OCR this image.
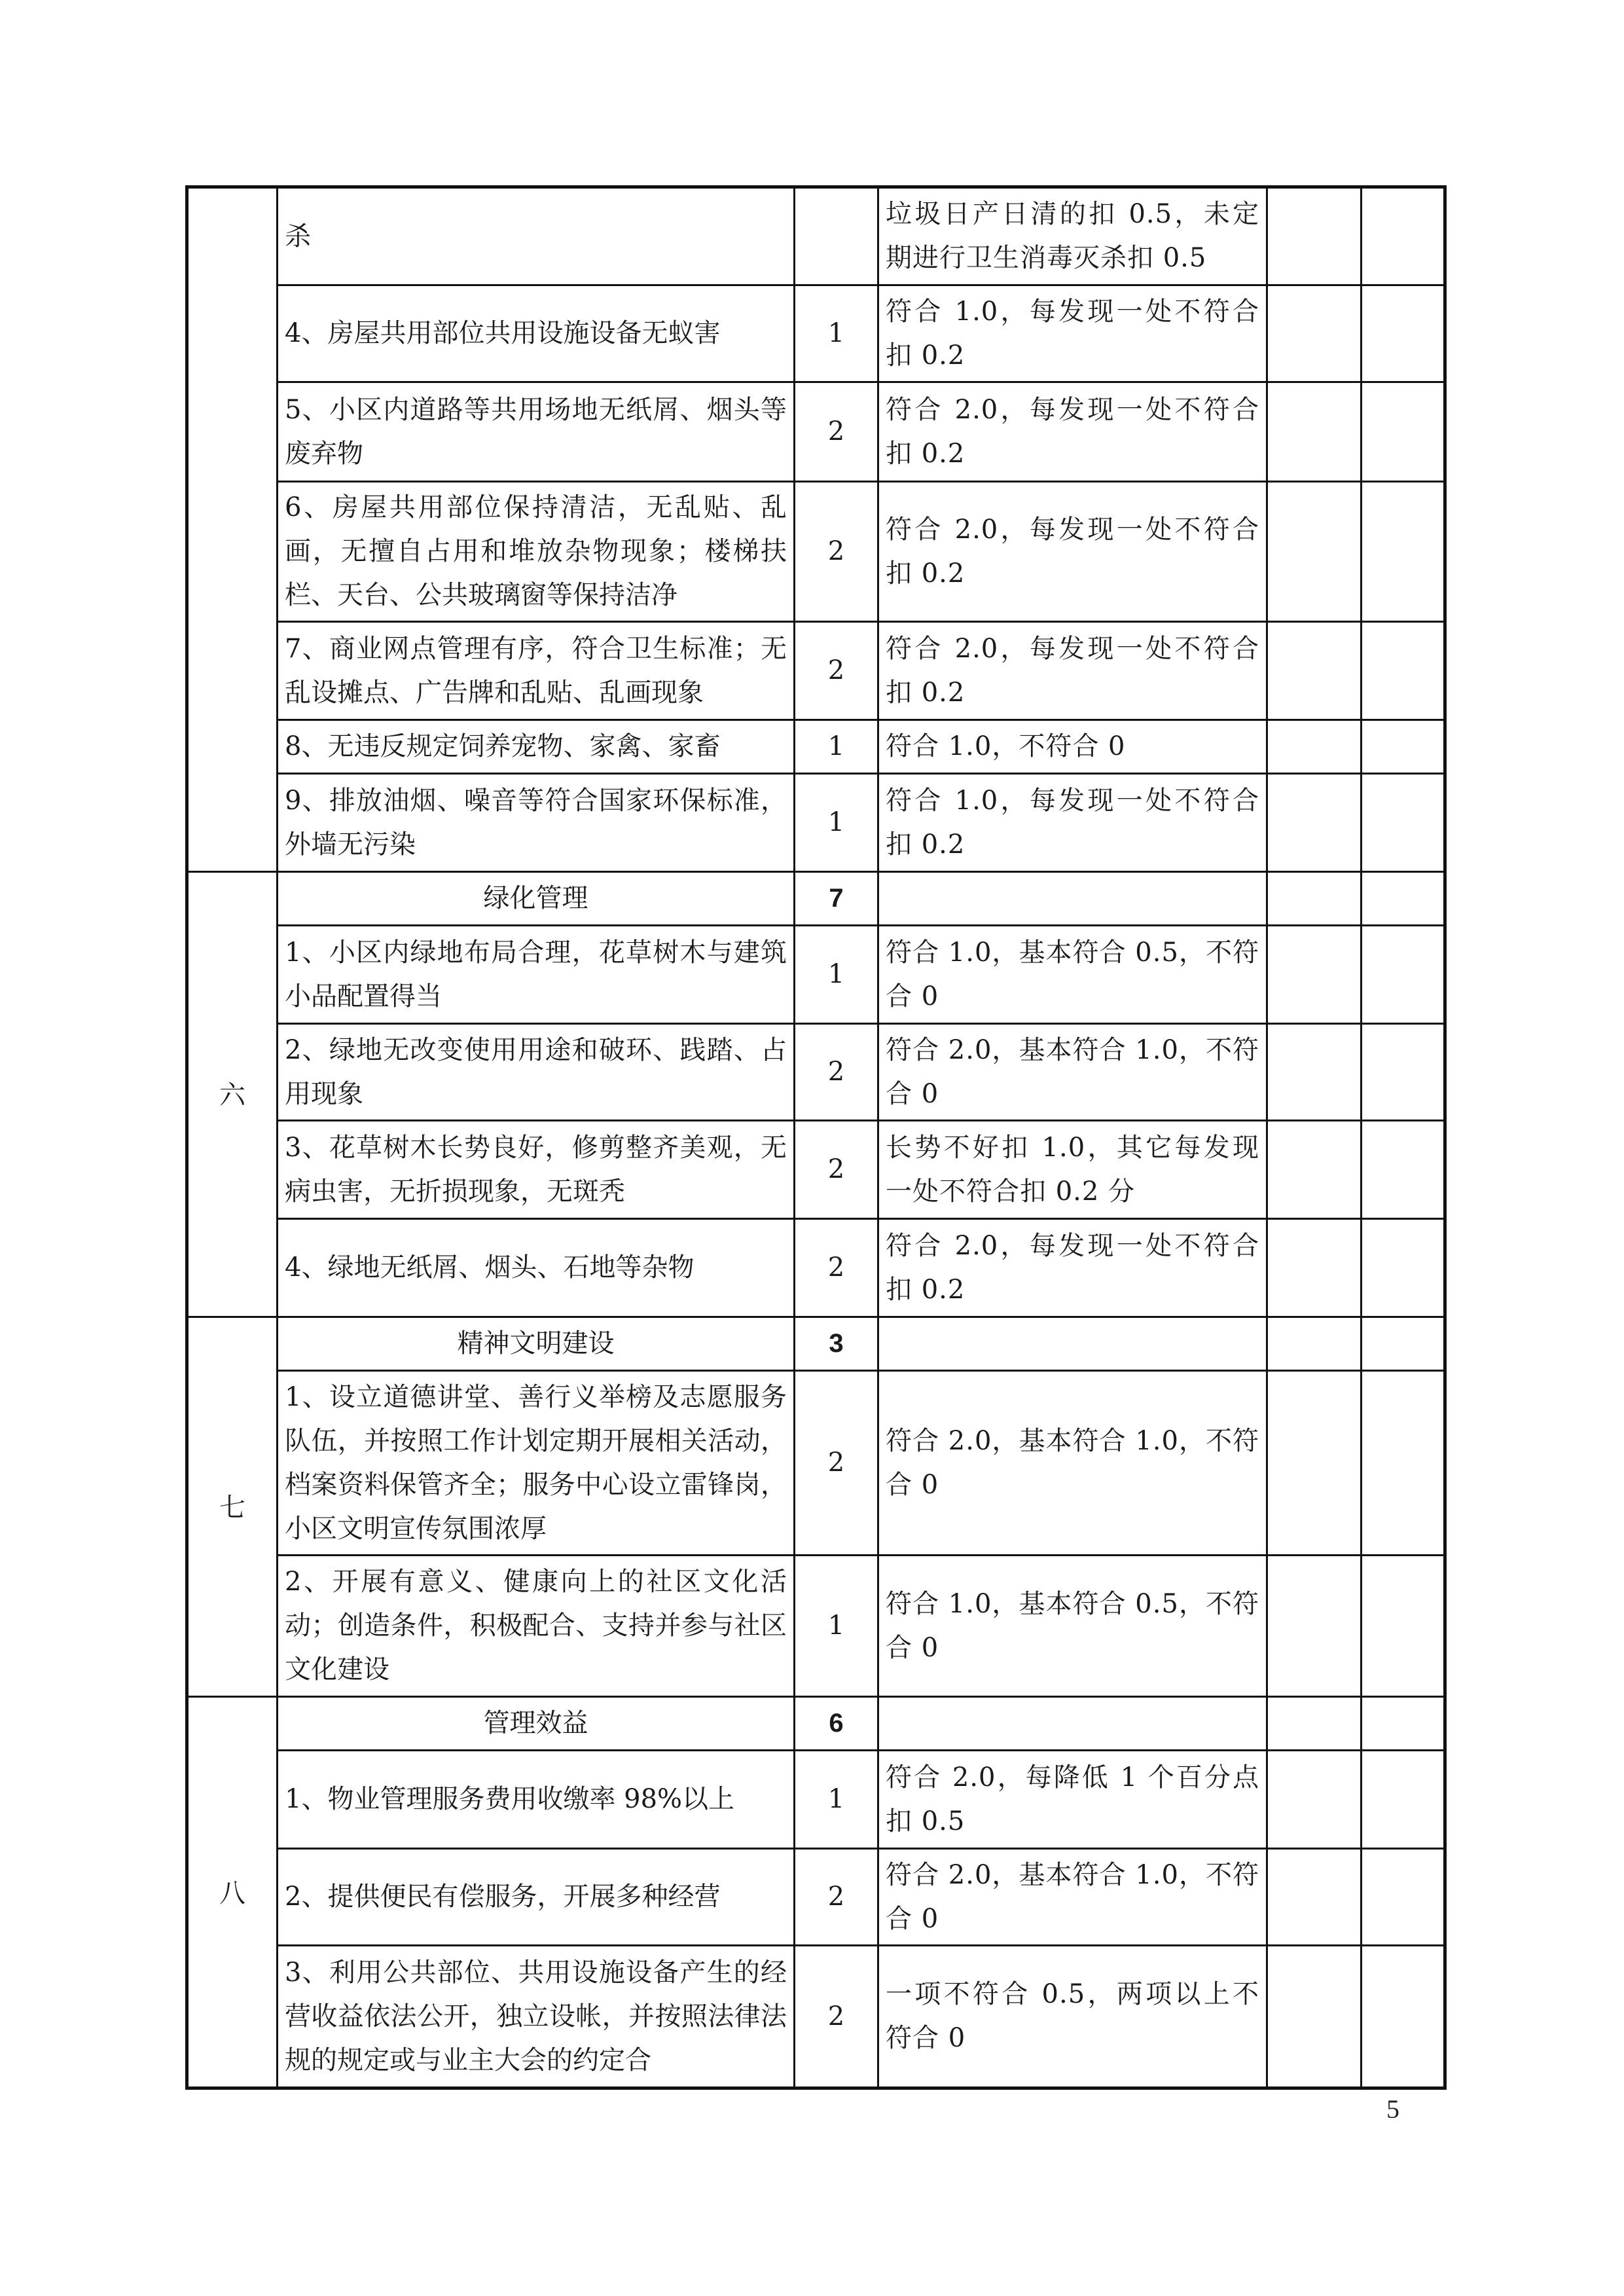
	杀		垃圾日产日清的扣 0.5，未定期进行卫生消毒灭杀扣 0.5		
	4、房屋共用部位共用设施设备无蚁害	1	符合 1.0，每发现一处不符合扣 0.2		
	5、小区内道路等共用场地无纸屑、烟头等废弃物	2	符合 2.0，每发现一处不符合扣 0.2		
	6、房屋共用部位保持清洁，无乱贴、乱画，无擅自占用和堆放杂物现象；楼梯扶栏、天台、公共玻璃窗等保持洁净	2	符合 2.0，每发现一处不符合扣 0.2		
	7、商业网点管理有序，符合卫生标准；无乱设摊点、广告牌和乱贴、乱画现象	2	符合 2.0，每发现一处不符合扣 0.2		
	8、无违反规定饲养宠物、家禽、家畜	1	符合 1.0，不符合 0		
	9、排放油烟、噪音等符合国家环保标准，外墙无污染	1	符合 1.0，每发现一处不符合扣 0.2		
六	绿化管理	7			
	1、小区内绿地布局合理，花草树木与建筑小品配置得当	1	符合 1.0，基本符合 0.5，不符合 0		
	2、绿地无改变使用用途和破环、践踏、占用现象	2	符合 2.0，基本符合 1.0，不符合 0		
	3、花草树木长势良好，修剪整齐美观，无病虫害，无折损现象，无斑秃	2	长势不好扣 1.0，其它每发现一处不符合扣 0.2 分		
	4、绿地无纸屑、烟头、石地等杂物	2	符合 2.0，每发现一处不符合扣 0.2		
七	精神文明建设	3			
	1、设立道德讲堂、善行义举榜及志愿服务队伍，并按照工作计划定期开展相关活动，档案资料保管齐全；服务中心设立雷锋岗，小区文明宣传氛围浓厚	2	符合 2.0，基本符合 1.0，不符合 0		
	2、开展有意义、健康向上的社区文化活动；创造条件，积极配合、支持并参与社区文化建设	1	符合 1.0，基本符合 0.5，不符合 0		
八	管理效益	6			
	1、物业管理服务费用收缴率 98%以上	1	符合 2.0，每降低 1 个百分点扣 0.5		
	2、提供便民有偿服务，开展多种经营	2	符合 2.0，基本符合 1.0，不符合 0		
	3、利用公共部位、共用设施设备产生的经营收益依法公开，独立设帐，并按照法律法规的规定或与业主大会的约定合	2	一项不符合 0.5，两项以上不符合 0		
5
